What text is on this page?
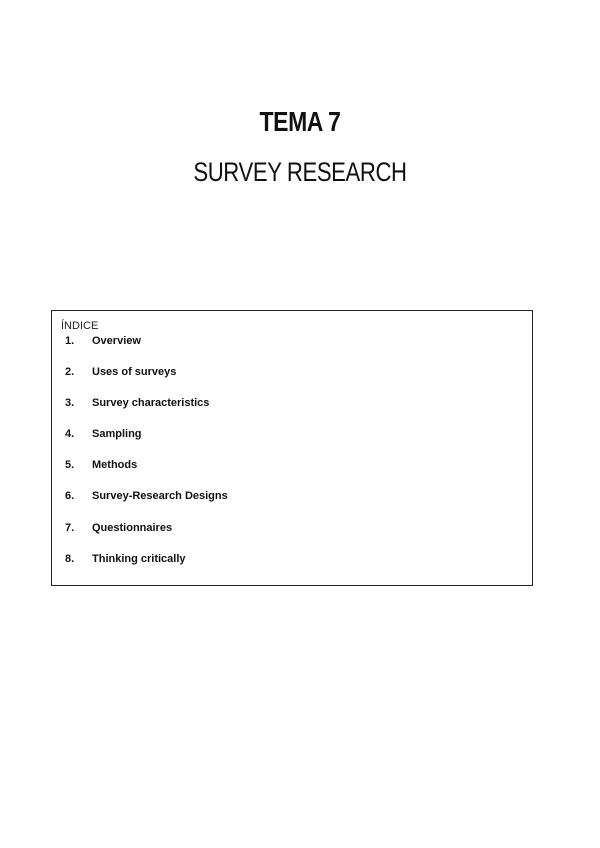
TEMA 7
SURVEY RESEARCH
ÍNDICE
1.	Overview
2.	Uses of surveys
3.	Survey characteristics
4.	Sampling
5.	Methods
6.	Survey-Research Designs
7.	Questionnaires
8.	Thinking critically
